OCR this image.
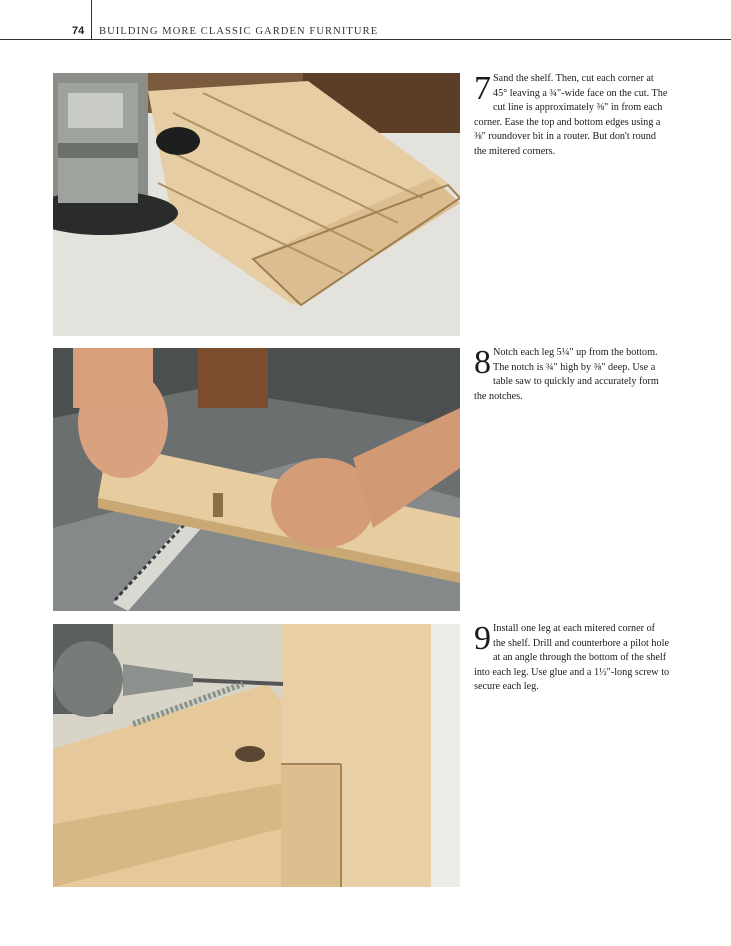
74 BUILDING MORE CLASSIC GARDEN FURNITURE
7 Sand the shelf. Then, cut each corner at 45° leaving a ¾"-wide face on the cut. The cut line is approximately ⅜" in from each corner. Ease the top and bottom edges using a ⅜" roundover bit in a router. But don't round the mitered corners.
8 Notch each leg 5¼" up from the bottom. The notch is ¾" high by ⅜" deep. Use a table saw to quickly and accurately form the notches.
9 Install one leg at each mitered corner of the shelf. Drill and counterbore a pilot hole at an angle through the bottom of the shelf into each leg. Use glue and a 1½"-long screw to secure each leg.
